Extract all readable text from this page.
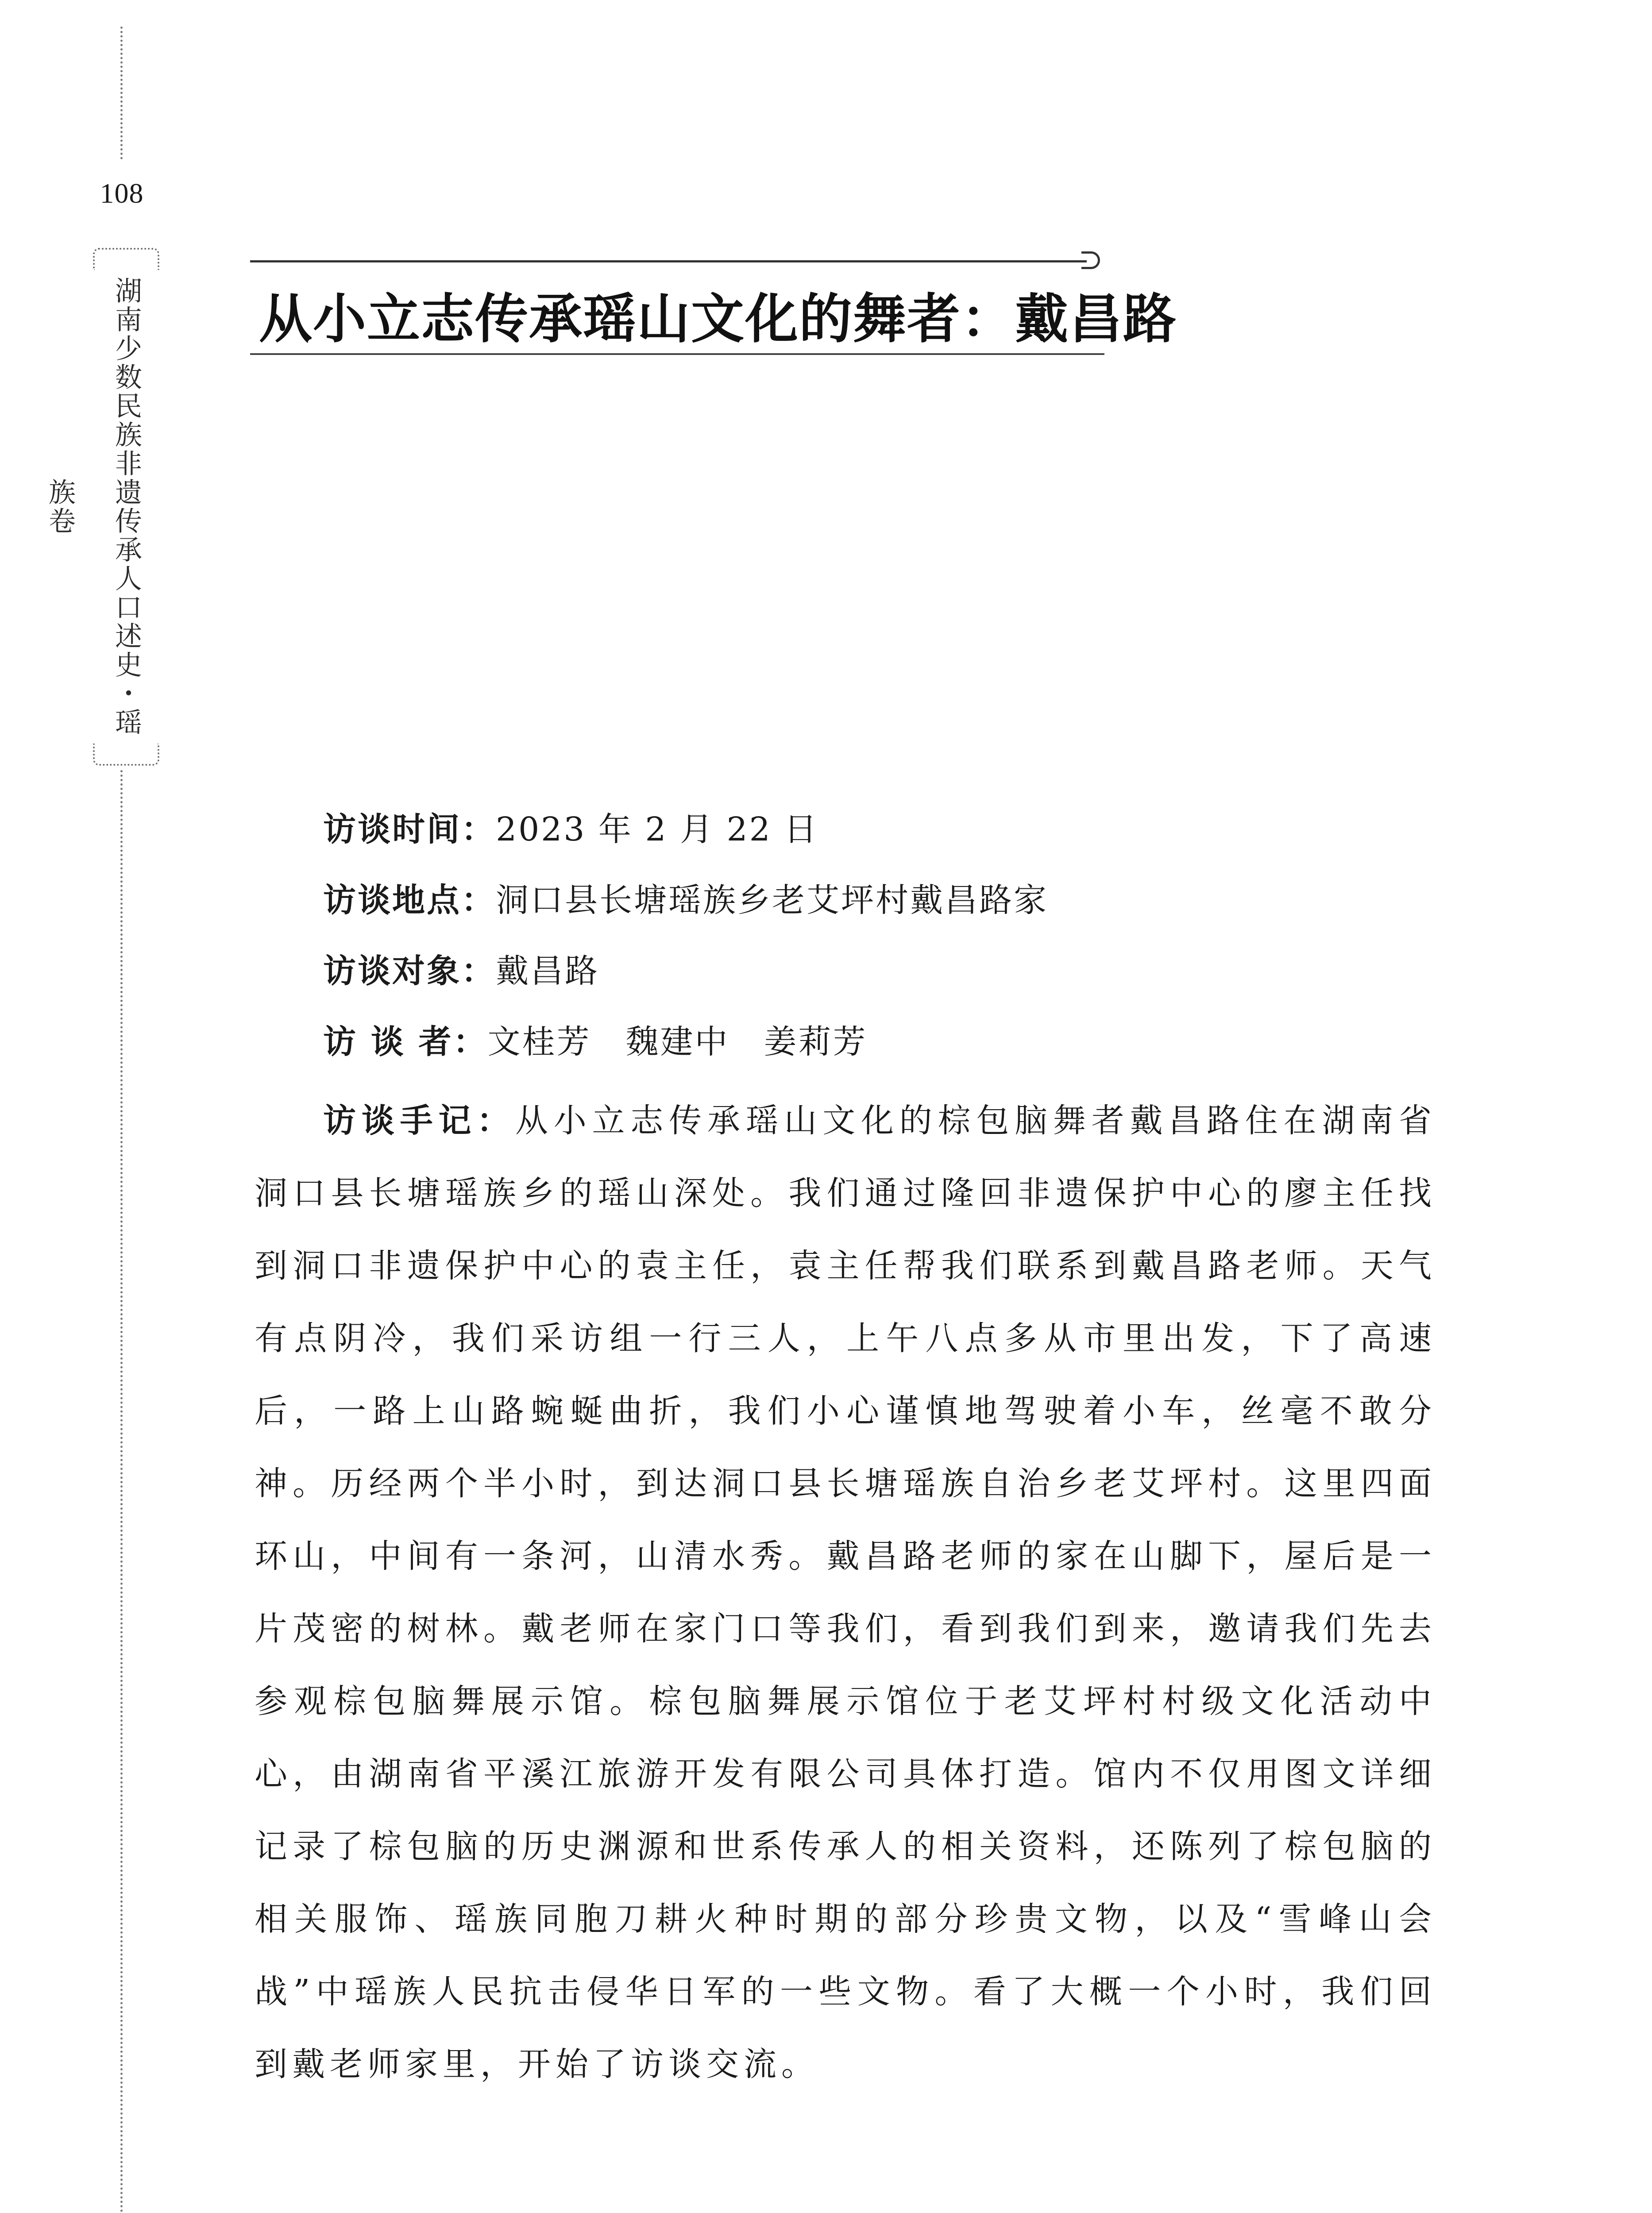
108
湖南少数民族非遗传承人口述史・瑶族卷
从小立志传承瑶山文化的舞者：戴昌路
访谈时间：2023 年 2 月 22 日
访谈地点：洞口县长塘瑶族乡老艾坪村戴昌路家
访谈对象：戴昌路
访 谈 者：文桂芳　魏建中　姜莉芳
访谈手记：从小立志传承瑶山文化的棕包脑舞者戴昌路住在湖南省洞口县长塘瑶族乡的瑶山深处。我们通过隆回非遗保护中心的廖主任找到洞口非遗保护中心的袁主任，袁主任帮我们联系到戴昌路老师。天气有点阴冷，我们采访组一行三人，上午八点多从市里出发，下了高速后，一路上山路蜿蜒曲折，我们小心谨慎地驾驶着小车，丝毫不敢分神。历经两个半小时，到达洞口县长塘瑶族自治乡老艾坪村。这里四面环山，中间有一条河，山清水秀。戴昌路老师的家在山脚下，屋后是一片茂密的树林。戴老师在家门口等我们，看到我们到来，邀请我们先去参观棕包脑舞展示馆。棕包脑舞展示馆位于老艾坪村村级文化活动中心，由湖南省平溪江旅游开发有限公司具体打造。馆内不仅用图文详细记录了棕包脑的历史渊源和世系传承人的相关资料，还陈列了棕包脑的相关服饰、瑶族同胞刀耕火种时期的部分珍贵文物，以及“雪峰山会战”中瑶族人民抗击侵华日军的一些文物。看了大概一个小时，我们回到戴老师家里，开始了访谈交流。
